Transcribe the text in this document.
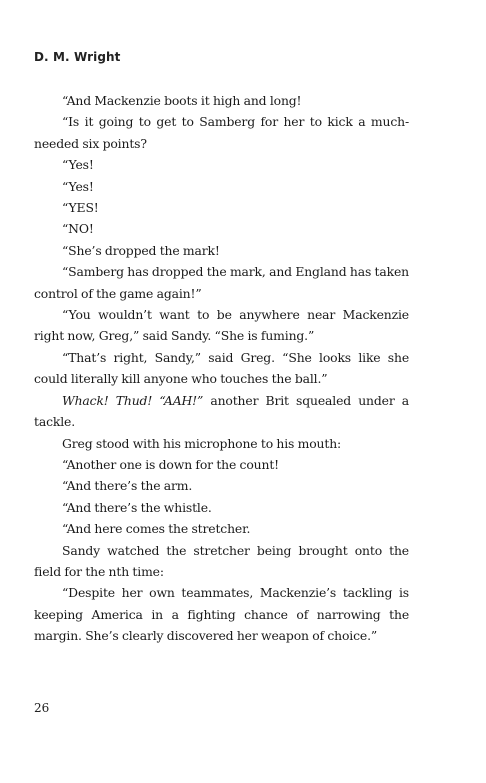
D. M. Wright

“And Mackenzie boots it high and long!

“Is it going to get to Samberg for her to kick a much-needed six points?

“Yes!

“Yes!

“YES!

“NO!

“She’s dropped the mark!

“Samberg has dropped the mark, and England has taken control of the game again!”

“You wouldn’t want to be anywhere near Mackenzie right now, Greg,” said Sandy. “She is fuming.”

“That’s right, Sandy,” said Greg. “She looks like she could literally kill anyone who touches the ball.”

Whack! Thud! “AAH!” another Brit squealed under a tackle.

Greg stood with his microphone to his mouth:

“Another one is down for the count!

“And there’s the arm.

“And there’s the whistle.

“And here comes the stretcher.

Sandy watched the stretcher being brought onto the field for the nth time:

“Despite her own teammates, Mackenzie’s tackling is keeping America in a fighting chance of narrowing the margin. She’s clearly discovered her weapon of choice.”

26
